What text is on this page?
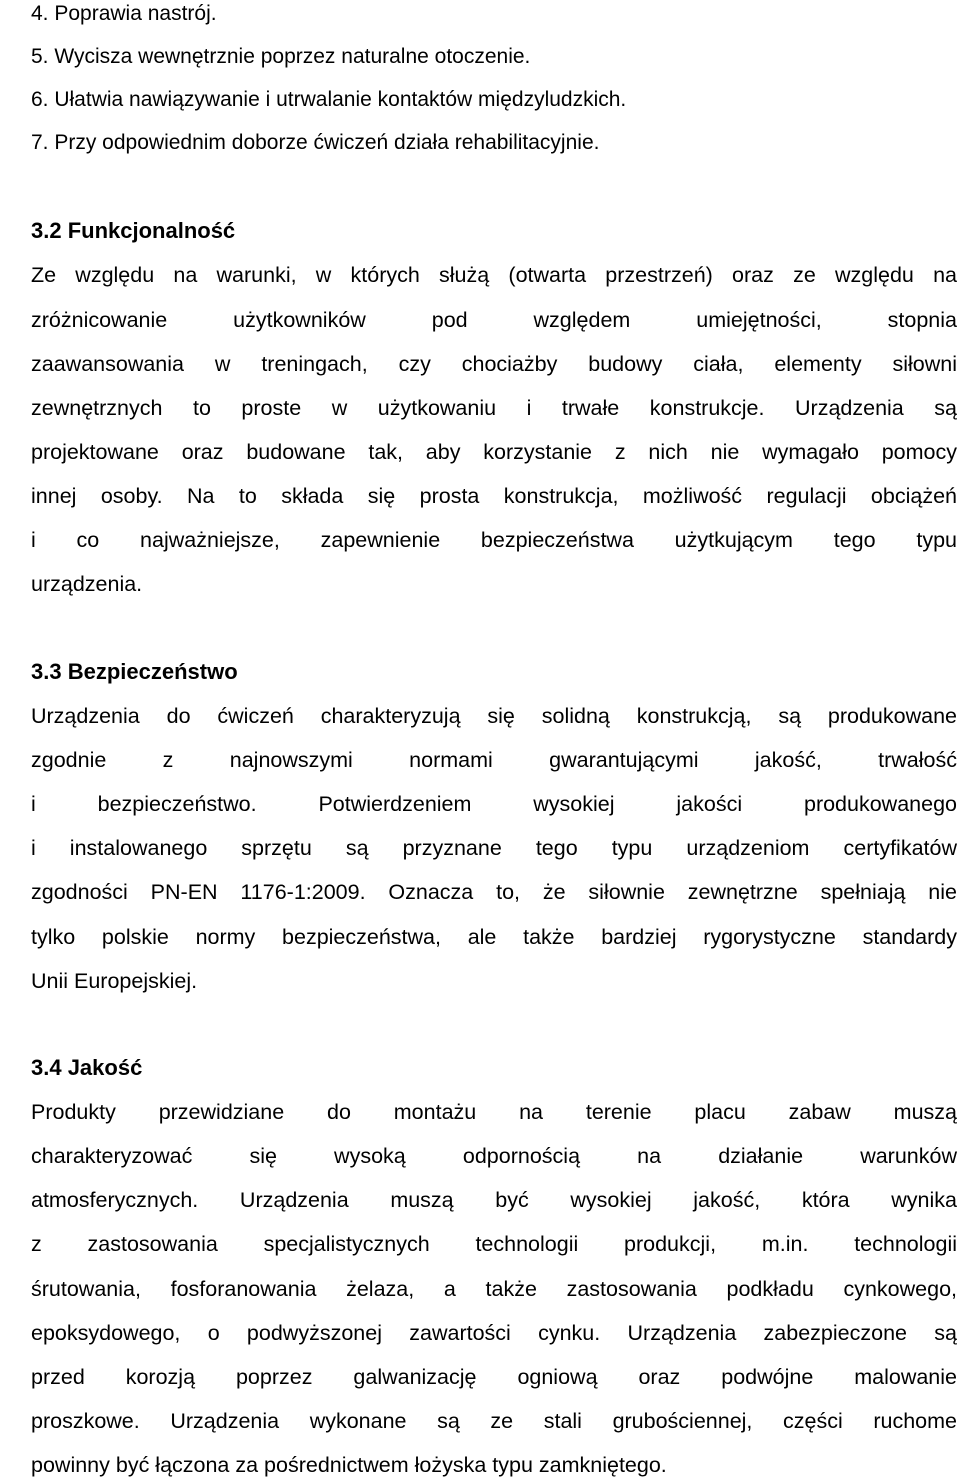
4. Poprawia nastrój.
5. Wycisza wewnętrznie poprzez naturalne otoczenie.
6. Ułatwia nawiązywanie i utrwalanie kontaktów międzyludzkich.
7. Przy odpowiednim doborze ćwiczeń działa rehabilitacyjnie.
3.2 Funkcjonalność
Ze względu na warunki, w których służą (otwarta przestrzeń) oraz ze względu na
zróżnicowanie użytkowników pod względem umiejętności, stopnia
zaawansowania w treningach, czy chociażby budowy ciała, elementy siłowni
zewnętrznych to proste w użytkowaniu i trwałe konstrukcje. Urządzenia są
projektowane oraz budowane tak, aby korzystanie z nich nie wymagało pomocy
innej osoby. Na to składa się prosta konstrukcja, możliwość regulacji obciążeń
i co najważniejsze, zapewnienie bezpieczeństwa użytkującym tego typu
urządzenia.
3.3 Bezpieczeństwo
Urządzenia do ćwiczeń charakteryzują się solidną konstrukcją, są produkowane
zgodnie z najnowszymi normami gwarantującymi jakość, trwałość
i bezpieczeństwo. Potwierdzeniem wysokiej jakości produkowanego
i instalowanego sprzętu są przyznane tego typu urządzeniom certyfikatów
zgodności PN-EN 1176-1:2009. Oznacza to, że siłownie zewnętrzne spełniają nie
tylko polskie normy bezpieczeństwa, ale także bardziej rygorystyczne standardy
Unii Europejskiej.
3.4 Jakość
Produkty przewidziane do montażu na terenie placu zabaw muszą
charakteryzować się wysoką odpornością na działanie warunków
atmosferycznych. Urządzenia muszą być wysokiej jakość, która wynika
z zastosowania specjalistycznych technologii produkcji, m.in. technologii
śrutowania, fosforanowania żelaza, a także zastosowania podkładu cynkowego,
epoksydowego, o podwyższonej zawartości cynku. Urządzenia zabezpieczone są
przed korozją poprzez galwanizację ogniową oraz podwójne malowanie
proszkowe. Urządzenia wykonane są ze stali grubościennej, części ruchome
powinny być łączona za pośrednictwem łożyska typu zamkniętego.
